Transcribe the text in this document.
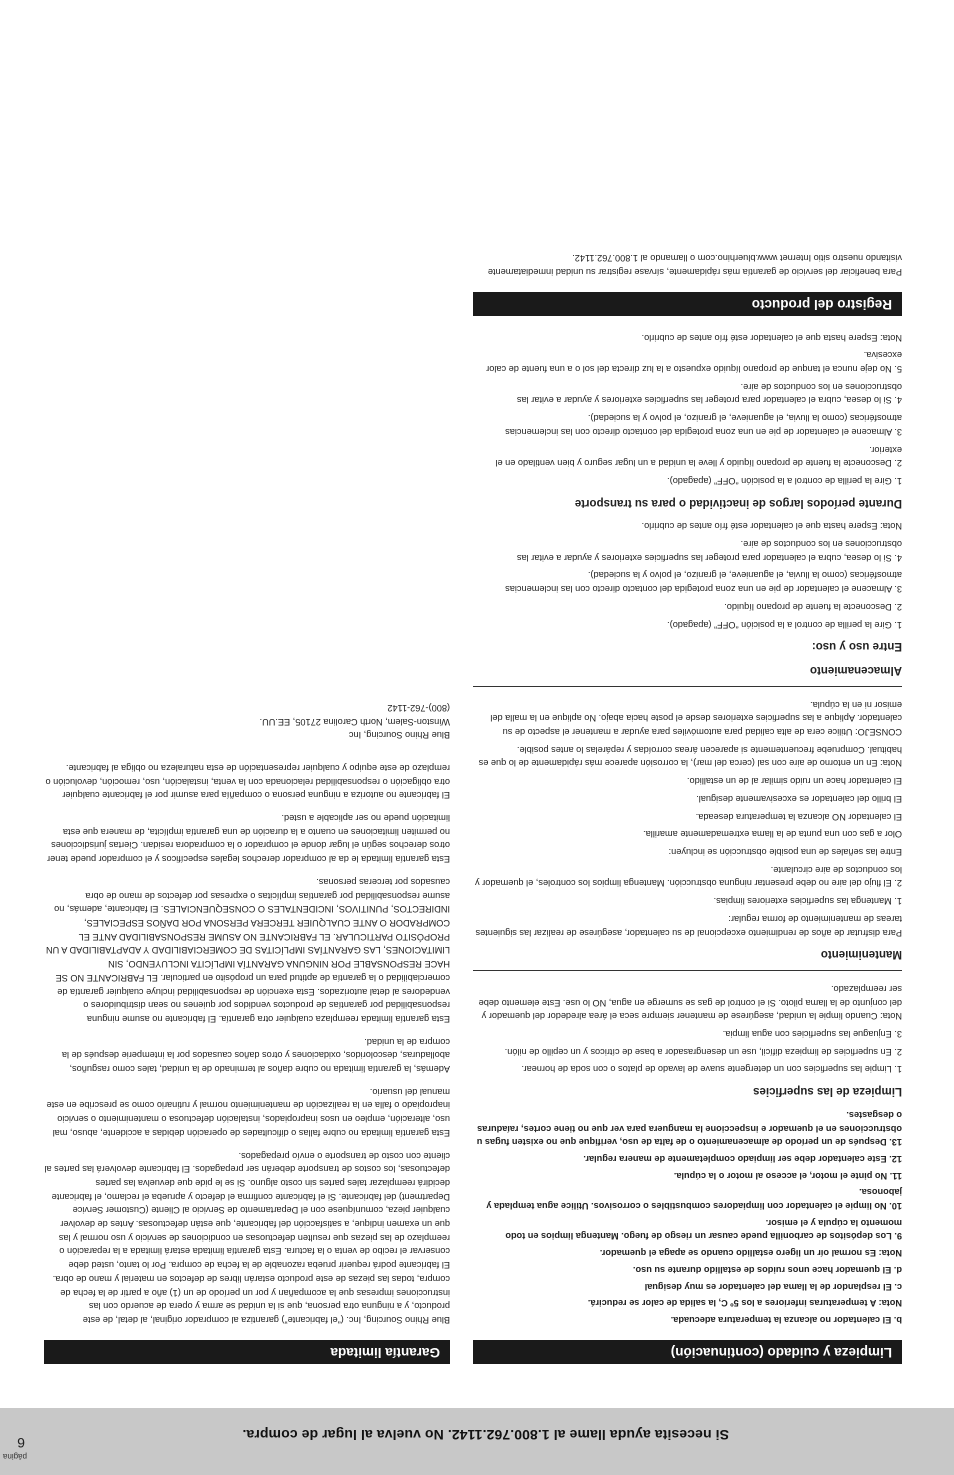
página
6	Si necesita ayuda llame al 1.800.762.1142. No vuelva al lugar de compra.
Limpieza y cuidado (continuación)

b. El calentador no alcanza la temperatura adecuada.

Nota: A temperaturas inferiores a los 5º C, la salida de calor se reducirá.

c. El resplandor de la llama del calentador es muy desigual

d. El quemador hace unos ruidos de estallido durante su uso.

Nota: Es normal oír un ligero estallido cuando se apaga el quemador.

9. Los depósitos de carbonilla puede causar un riesgo de fuego. Mantenga limpios en todo momento la cúpula y el emisor.

10. No limpie el calentador con limpiadores combustibles o corrosivos. Utilice agua templada y jabonosa.

11. No pinte el motor, el acceso al motor o la cúpula.

12. Este calentador debe ser limpiado completamente de manera regular.

13. Después de un período de almacenamiento o de falta de uso, verifique que no existen fugas u obstrucciones en el quemador e inspeccione la manguera para ver que no tiene cortes, raíaduras o desgastes.

Limpieza de las superficies

1. Limpie las superficies con un detergente suave de lavado de platos o con soda de hornear.

2. En superficies de limpieza difícil, use un desengrasador a base de cítricos y un cepillo de nilón.

3. Enjuague las superficies con agua limpia.

Nota: Cuando limpie la unidad, asegúrese de mantener siempre seca el área alrededor del quemador y del conjunto de la llama piloto. Si el control de gas se sumerge en agua, NO lo use. Este elemento debe ser reemplazado.

Mantenimiento

Para disfrutar de años de rendimiento excepcional de su calentador, asegúrese de realizar las siguientes tareas de mantenimiento de forma regular:

1. Mantenga las superficies exteriores limpias.

2. El flujo del aire no debe presentar ninguna obstrucción. Mantenga limpios los controles, el quemador y los conductos de aire circulante.

Entre las señales de una posible obstrucción se incluyen:

Olor a gas con una punta de la llama extremadamente amarilla.

El calentador NO alcanza la temperatura deseada.

El brillo del calentador es excesivamente desigual.

El calentador hace un ruido similar al de un estallido.

Nota: En un entorno de aire con sal (cerca del mar), la corrosión aparece más rápidamente de lo que es habitual. Compruebe frecuentemente si aparecen áreas corroídas y repárelas lo antes posible.

CONSEJO: Utilice cera de alta calidad para automóviles para ayudar a mantener el aspecto de su calentador. Aplique a las superficies exteriores desde el poste hacia abajo. No aplique en la malla del emisor ni en la cúpula.

Almacenamiento
Entre uso y uso:

1. Gire la perilla de control a la posición “OFF” (apagado).

2. Desconecte la fuente de propano líquido.

3. Almacene el calentador de pie en una zona protegida del contacto directo con las inclemencias atmosféricas (como la lluvia, el aguanieve, el granizo, el polvo y la suciedad).

4. Si lo desea, cubra el calentador para proteger las superficies exteriores y ayudar a evitar las obstrucciones en los conductos de aire.

Nota: Espere hasta que el calentador esté frío antes de cubrirlo.

Durante períodos largos de inactividad o para su transporte

1. Gire la perilla de control a la posición “OFF” (apagado).

2. Desconecte la fuente de propano líquido y lleve la unidad a un lugar seguro y bien ventilado en el exterior.

3. Almacene el calentador de pie en una zona protegida del contacto directo con las inclemencias atmosféricas (como la lluvia, el aguanieve, el granizo, el polvo y la suciedad).

4. Si lo desea, cubra el calentador para proteger las superficies exteriores y ayudar a evitar las obstrucciones en los conductos de aire.

5. No deje nunca el tanque de propano líquido expuesto a la luz directa del sol o a una fuente de calor excesiva.

Nota: Espere hasta que el calentador esté frío antes de cubrirlo.

Registro del producto

Para beneficiar del servicio de garantía más rápidamente, sírvase registrar su unidad inmediatamente visitando nuestro sitio Internet www.bluerhino.com o llamando al 1.800.762.1142.

Garantía limitada

Blue Rhino Sourcing, Inc. (“el fabricante”) garantiza al comprador original, al detal, de este producto, y a ninguna otra persona, que si la unidad se arma y opera de acuerdo con las instrucciones impresas que la acompañan y por un período de un (1) año a partir de la fecha de compra, todas las piezas de este producto estarán libres de defectos en material y mano de obra. El fabricante podrá requerir prueba razonable de la fecha de compra. Por lo tanto, usted debe conservar el recibo de venta o la factura. Esta garantía limitada estará limitada a la reparación o reemplazo de las piezas que resulten defectuosas en condiciones de servicio y uso normal y las que un examen indique, a satisfacción del fabricante, que están defectuosas. Antes de devolver cualquier pieza, comuníquese con el Departamento de Servicio al Cliente (Customer Service Department) del fabricante. Si el fabricante confirma el defecto y aprueba el reclamo, el fabricante decidirá reemplazar tales partes sin costo alguno. Si se le pide que devuelva las partes defectuosas, los costos de transporte deberán ser prepagados. El fabricante devolverá las partes al cliente con costo de transporte o envío prepagados.

Esta garantía limitada no cubre fallas o dificultades de operación debidas a accidente, abuso, mal uso, alteración, empleo en usos inapropiados, instalación defectuosa o mantenimiento o servicio inapropiado o falla en la realización de mantenimiento normal y rutinario como se prescribe en este manual del usuario.

Además, la garantía limitada no cubre daños al terminado de la unidad, tales como rasguños, abolladuras, descoloridos, oxidaciones y otros daños causados por la intemperie después de la compra de la unidad.

Esta garantía limitada reemplaza cualquier otra garantía. El fabricante no asume ninguna responsabilidad por garantías de productos vendidos por quienes no sean distribuidores o vendedores al detal autorizados. Esta exención de responsabilidad incluye cualquier garantía de comerciabilidad o la garantía de aptitud para un propósito en particular. EL FABRICANTE NO SE HACE RESPONSABLE POR NINGUNA GARANTÍA IMPLÍCITA INCLUYENDO, SIN LIMITACIONES, LAS GARANTÍAS IMPLÍCITAS DE COMERCIABILIDAD Y ADAPTABILIDAD A UN PROPÓSITO PARTICULAR. EL FABRICANTE NO ASUME RESPONSABILIDAD ANTE EL COMPRADOR O ANTE CUALQUIER TERCERA PERSONA POR DAÑOS ESPECIALES, INDIRECTOS, PUNITIVOS, INCIDENTALES O CONSEQUENCIALES. El fabricante, además, no asume responsabilidad por garantías implícitas o expresas por defectos de mano de obra causados por terceras personas.

Esta garantía limitada le da al comprador derechos legales específicos y el comprador puede tener otros derechos según el lugar donde el comprador o la compradora residan. Ciertas jurisdicciones no permiten limitaciones en cuanto a la duración de una garantía implícita, de manera que esta limitación puede no ser aplicable a usted.

El fabricante no autoriza a ninguna persona o compañía para asumir por el fabricante cualquier otra obligación o responsabilidad relacionada con la venta, instalación, uso, remoción, devolución o remplazo de este equipo y cualquier representación de esta naturaleza no obliga al fabricante.

Blue Rhino Sourcing, Inc

Winston-Salem, North Carolina 27105, EE.UU.

(800)-762-1142
